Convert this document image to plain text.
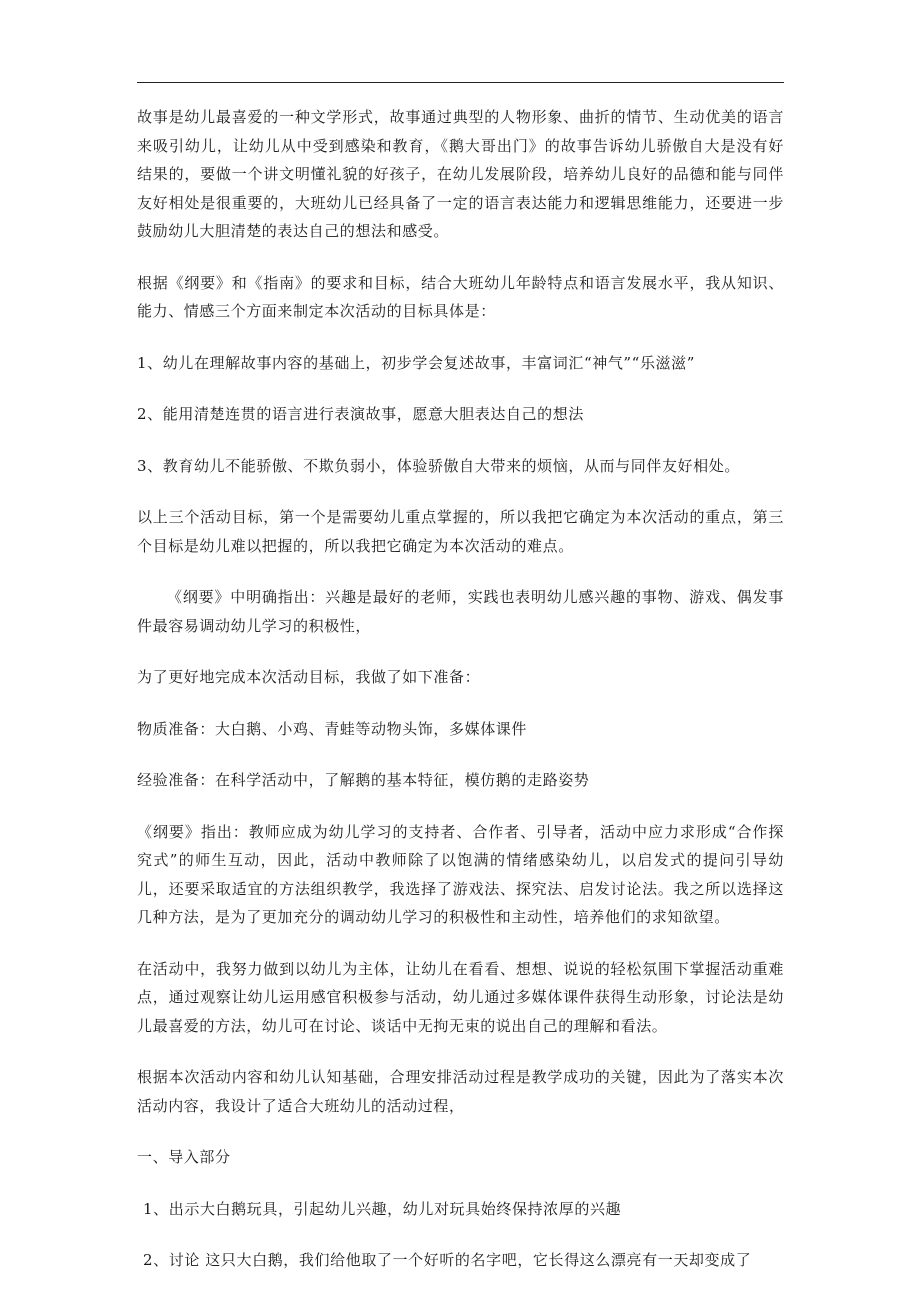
故事是幼儿最喜爱的一种文学形式，故事通过典型的人物形象、曲折的情节、生动优美的语言来吸引幼儿，让幼儿从中受到感染和教育，《鹅大哥出门》的故事告诉幼儿骄傲自大是没有好结果的，要做一个讲文明懂礼貌的好孩子，在幼儿发展阶段，培养幼儿良好的品德和能与同伴友好相处是很重要的，大班幼儿已经具备了一定的语言表达能力和逻辑思维能力，还要进一步鼓励幼儿大胆清楚的表达自己的想法和感受。

根据《纲要》和《指南》的要求和目标，结合大班幼儿年龄特点和语言发展水平，我从知识、能力、情感三个方面来制定本次活动的目标具体是：

1、幼儿在理解故事内容的基础上，初步学会复述故事，丰富词汇“神气”“乐滋滋”

2、能用清楚连贯的语言进行表演故事，愿意大胆表达自己的想法

3、教育幼儿不能骄傲、不欺负弱小，体验骄傲自大带来的烦恼，从而与同伴友好相处。

以上三个活动目标，第一个是需要幼儿重点掌握的，所以我把它确定为本次活动的重点，第三个目标是幼儿难以把握的，所以我把它确定为本次活动的难点。

《纲要》中明确指出：兴趣是最好的老师，实践也表明幼儿感兴趣的事物、游戏、偶发事件最容易调动幼儿学习的积极性，

为了更好地完成本次活动目标，我做了如下准备：

物质准备：大白鹅、小鸡、青蛙等动物头饰，多媒体课件

经验准备：在科学活动中，了解鹅的基本特征，模仿鹅的走路姿势

《纲要》指出：教师应成为幼儿学习的支持者、合作者、引导者，活动中应力求形成“合作探究式”的师生互动，因此，活动中教师除了以饱满的情绪感染幼儿，以启发式的提问引导幼儿，还要采取适宜的方法组织教学，我选择了游戏法、探究法、启发讨论法。我之所以选择这几种方法，是为了更加充分的调动幼儿学习的积极性和主动性，培养他们的求知欲望。

在活动中，我努力做到以幼儿为主体，让幼儿在看看、想想、说说的轻松氛围下掌握活动重难点，通过观察让幼儿运用感官积极参与活动，幼儿通过多媒体课件获得生动形象，讨论法是幼儿最喜爱的方法，幼儿可在讨论、谈话中无拘无束的说出自己的理解和看法。

根据本次活动内容和幼儿认知基础，合理安排活动过程是教学成功的关键，因此为了落实本次活动内容，我设计了适合大班幼儿的活动过程，

一、导入部分

1、出示大白鹅玩具，引起幼儿兴趣，幼儿对玩具始终保持浓厚的兴趣

2、讨论 这只大白鹅，我们给他取了一个好听的名字吧，它长得这么漂亮有一天却变成了
